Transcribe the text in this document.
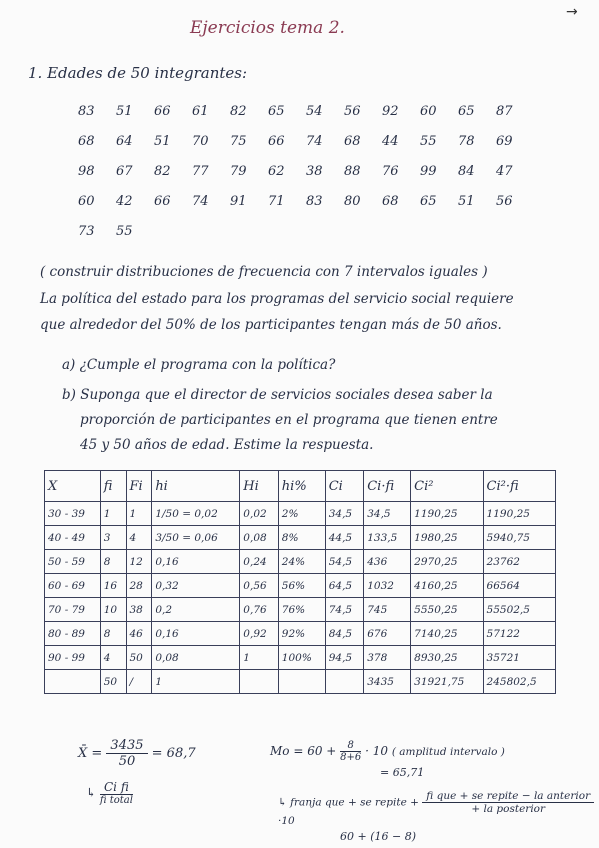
Ejercicios tema 2.
→
1. Edades de 50 integrantes:
83	51	66	61	82	65	54	56	92	60	65	87
68	64	51	70	75	66	74	68	44	55	78	69
98	67	82	77	79	62	38	88	76	99	84	47
60	42	66	74	91	71	83	80	68	65	51	56
73	55
( construir distribuciones de frecuencia con 7 intervalos iguales )
La política del estado para los programas del servicio social requiere
que alrededor del 50% de los participantes tengan más de 50 años.
a) ¿Cumple el programa con la política?
b) Suponga que el director de servicios sociales desea saber la
proporción de participantes en el programa que tienen entre
45 y 50 años de edad. Estime la respuesta.
X	fi	Fi	hi	Hi	hi%	Ci	Ci·fi	Ci²	Ci²·fi
30 - 39	1	1	1/50 = 0,02	0,02	2%	34,5	34,5	1190,25	1190,25
40 - 49	3	4	3/50 = 0,06	0,08	8%	44,5	133,5	1980,25	5940,75
50 - 59	8	12	0,16	0,24	24%	54,5	436	2970,25	23762
60 - 69	16	28	0,32	0,56	56%	64,5	1032	4160,25	66564
70 - 79	10	38	0,2	0,76	76%	74,5	745	5550,25	55502,5
80 - 89	8	46	0,16	0,92	92%	84,5	676	7140,25	57122
90 - 99	4	50	0,08	1	100%	94,5	378	8930,25	35721
	50	/	1				3435	31921,75	245802,5
X̄ = $\frac{3435}{50} = 68,7$
↳ $\frac{\text{Ci fi}}{\text{fi total}}$
$Mo = 60 + \frac{8}{8+6} \cdot 10$ ( amplitud intervalo )
= 65,71
↳ franja que + se repite + $\frac{\text{fi que + se repite − la anterior}}{\text{+ la posterior}}$
·10
60 + (16 − 8)
